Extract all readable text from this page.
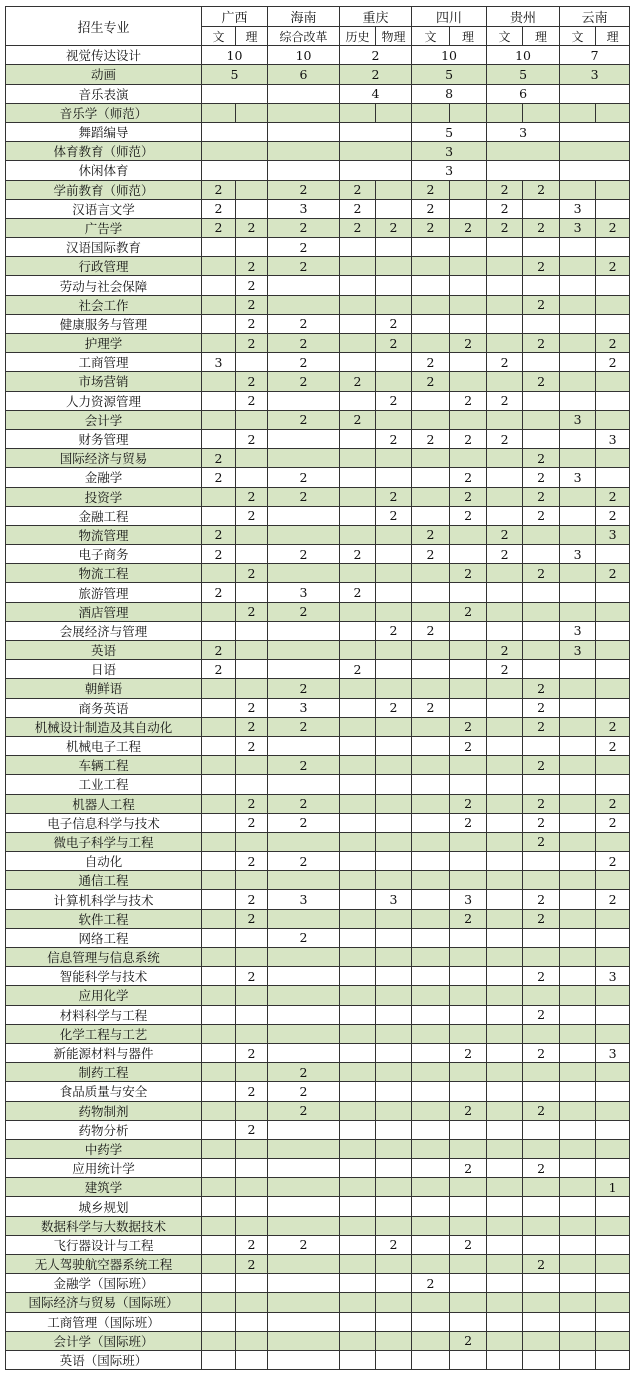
招生专业	广西		海南	重庆		四川		贵州		云南	
	文	理	综合改革	历史	物理	文	理	文	理	文	理
视觉传达设计	10		10	2		10		10		7	
动画	5		6	2		5		5		3	
音乐表演				4		8		6			
音乐学（师范）											
舞蹈编导						5		3			
体育教育（师范）						3					
休闲体育						3					
学前教育（师范）	2		2	2		2		2	2		
汉语言文学	2		3	2		2		2		3	
广告学	2	2	2	2	2	2	2	2	2	3	2
汉语国际教育			2								
行政管理		2	2						2		2
劳动与社会保障		2									
社会工作		2							2		
健康服务与管理		2	2		2						
护理学		2	2		2		2		2		2
工商管理	3		2			2		2			2
市场营销		2	2	2		2			2		
人力资源管理		2			2		2	2			
会计学			2	2						3	
财务管理		2			2	2	2	2			3
国际经济与贸易	2								2		
金融学	2		2				2		2	3	
投资学		2	2		2		2		2		2
金融工程		2			2		2		2		2
物流管理	2					2		2			3
电子商务	2		2	2		2		2		3	
物流工程		2					2		2		2
旅游管理	2		3	2							
酒店管理		2	2				2				
会展经济与管理					2	2				3	
英语	2							2		3	
日语	2			2				2			
朝鲜语			2						2		
商务英语		2	3		2	2			2		
机械设计制造及其自动化		2	2				2		2		2
机械电子工程		2					2				2
车辆工程			2						2		
工业工程											
机器人工程		2	2				2		2		2
电子信息科学与技术		2	2				2		2		2
微电子科学与工程									2		
自动化		2	2								2
通信工程											
计算机科学与技术		2	3		3		3		2		2
软件工程		2					2		2		
网络工程			2								
信息管理与信息系统											
智能科学与技术		2							2		3
应用化学											
材料科学与工程									2		
化学工程与工艺											
新能源材料与器件		2					2		2		3
制药工程			2								
食品质量与安全		2	2								
药物制剂			2				2		2		
药物分析		2									
中药学											
应用统计学							2		2		
建筑学											1
城乡规划											
数据科学与大数据技术											
飞行器设计与工程		2	2		2		2				
无人驾驶航空器系统工程		2							2		
金融学（国际班）						2					
国际经济与贸易（国际班）											
工商管理（国际班）											
会计学（国际班）							2				
英语（国际班）											
